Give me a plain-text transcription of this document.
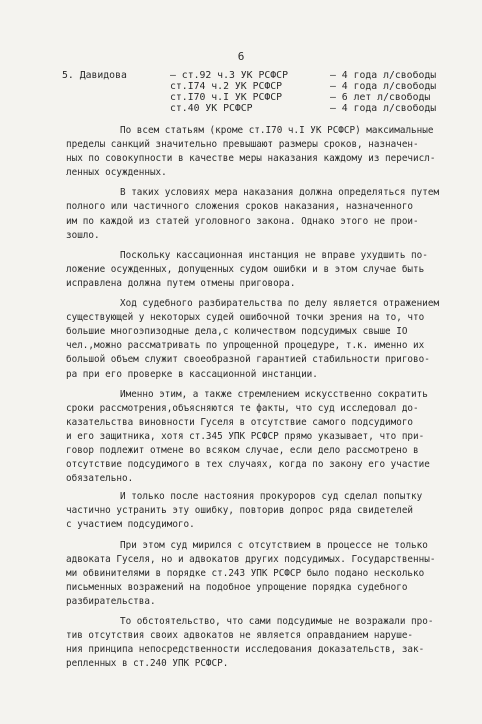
6
5. Давидова	– ст.92 ч.3 УК РСФСР	– 4 года л/свободы
ст.I74 ч.2 УК РСФСР	– 4 года л/свободы
ст.I70 ч.I УК РСФСР	– 6 лет л/свободы
ст.40 УК РСФСР	– 4 года л/свободы

По всем статьям (кроме ст.I70 ч.I УК РСФСР) максимальные
пределы санкций значительно превышают размеры сроков, назначен-
ных по совокупности в качестве меры наказания каждому из перечисл-
ленных осужденных.

В таких условиях мера наказания должна определяться путем
полного или частичного сложения сроков наказания, назначенного
им по каждой из статей уголовного закона. Однако этого не прои-
зошло.

Поскольку кассационная инстанция не вправе ухудшить по-
ложение осужденных, допущенных судом ошибки и в этом случае быть
исправлена должна путем отмены приговора.

Ход судебного разбирательства по делу является отражением
существующей у некоторых судей ошибочной точки зрения на то, что
большие многоэпизодные дела,с количеством подсудимых свыше IO
чел.,можно рассматривать по упрощенной процедуре, т.к. именно их
большой объем служит своеобразной гарантией стабильности пригово-
ра при его проверке в кассационной инстанции.

Именно этим, а также стремлением искусственно сократить
сроки рассмотрения,объясняются те факты, что суд исследовал до-
казательства виновности Гуселя в отсутствие самого подсудимого
и его защитника, хотя ст.345 УПК РСФСР прямо указывает, что при-
говор подлежит отмене во всяком случае, если дело рассмотрено в
отсутствие подсудимого в тех случаях, когда по закону его участие
обязательно.

И только после настояния прокуроров суд сделал попытку
частично устранить эту ошибку, повторив допрос ряда свидетелей
с участием подсудимого.

При этом суд мирился с отсутствием в процессе не только
адвоката Гуселя, но и адвокатов других подсудимых. Государственны-
ми обвинителями в порядке ст.243 УПК РСФСР было подано несколько
письменных возражений на подобное упрощение порядка судебного
разбирательства.

То обстоятельство, что сами подсудимые не возражали про-
тив отсутствия своих адвокатов не является оправданием наруше-
ния принципа непосредственности исследования доказательств, зак-
репленных в ст.240 УПК РСФСР.
